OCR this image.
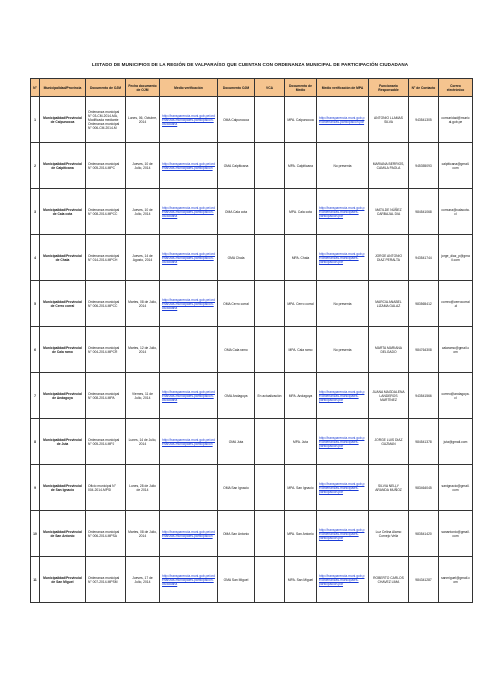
LISTADO DE MUNICIPIOS DE LA REGIÓN DE VALPARAÍSO QUE CUENTAN CON ORDENANZA MUNICIPAL DE PARTICIPACIÓN CIUDADANA
N°	Municipalidad/Provincia	Documento de OJM	Fecha documento de OJM	Medio verificación	Documento OJM	VCA	Documento de Medio	Medio verificación de MPA	Funcionario Responsable	N° de Contacto	Correo electrónico
1	Municipalidad/Provincial de Calpunocoa	Ordenanza municipal N° 03-CM-2014-MA, Modificada mediante Ordenanza municipal N° 006-CM-2014-M	Lunes, 06, Octubre, 2014	http://transparencia.muni.gob.pe/ordenanzas-municipales-participacion-ciudadana	OMA Calpunocoa		MPA. Calpunocoa	http://transparencia.muni.gob.pe/ordenanzas-participacion.pdf	ANTONIO LLAMAS SILVA	943541305	comunidad@munical.gob.pe
2	Municipalidad/Provincial de Calpiticana	Ordenanza municipal N° 005-2014-MPC	Jueves, 10 de Julio, 2014	http://transparencia.muni.gob.pe/ordenanzas-municipales-participacion	OMA Calpiticana		MPA. Calpiticana	No presenta	MARIANA BERRIOS, CAMILA PAOLA	945355093	calpiticana@gmail.com
3	Municipalidad/Provincial de Cala cota	Ordenanza municipal N° 008-2014-MPCC	Jueves, 10 de Julio, 2014	http://transparencia.muni.gob.pe/ordenanzas-municipales-participacion-ciudadana	OMA Cala cota		MPA. Cala cota	http://transparencia.muni.gob.pe/ordenanzas-municipales-participacion.pdf	MATILDE NÚÑEZ CARBAJAL DIA	984541068	comuna@calacota.cl
4	Municipalidad/Provincial de Chala	Ordenanza municipal N° 014-2014-MPCH	Jueves, 14 de Agosto, 2014	http://transparencia.muni.gob.pe/ordenanzas-municipales-participacion-ciudadana	OMA Chala		MPA. Chala	http://transparencia.muni.gob.pe/ordenanzas-municipales-participacion.pdf	JORGE ANTONIO DIAZ PERALTA	943541744	jorge_diaz_p@gmail.com
5	Municipalidad/Provincial de Cerro corral	Ordenanza municipal N° 006-2014-MPCC	Martes, 08 de Julio, 2014	http://transparencia.muni.gob.pe/ordenanzas-municipales-participacion-ciudadana	OMA Cerro corral		MPA. Cerro corral	No presenta	MARCIA ANABEL LIZAMA GALAZ	983565412	correo@cerrocorral.cl
6	Municipalidad/Provincial de Cala ramo	Ordenanza municipal N° 004-2014-MPCR	Martes, 12 de Julio, 2014		OMA Cala ramo		MPA. Cala ramo	No presenta	MARTA MARIANA DELGADO	984764308	calaramo@gmail.com
7	Municipalidad/Provincial de Andagoya	Ordenanza municipal N° 008-2014-MPA	Viernes, 11 de Julio, 2014	http://transparencia.muni.gob.pe/ordenanzas-municipales-participacion-ciudadana	OMA Andagoya	En actualización	MPA. Andagoya	http://transparencia.muni.gob.pe/ordenanzas-municipales-participacion.pdf	JUANA MAGDALENA LANDEROS MARTÍNEZ	943541566	correo@andagoya.cl
8	Municipalidad/Provincial de Juta	Ordenanza municipal N° 005-2014-MPJ	Lunes, 14 de Julio, 2014	http://transparencia.muni.gob.pe/ordenanzas-municipales-participacion	OMA Juta		MPA. Juta	http://transparencia.muni.gob.pe/ordenanzas-municipales-participacion.pdf	JORGE LUIS DIAZ GUZMAN	984541378	juta@gmail.com
9	Municipalidad/Provincial de San Ignacio	Oficio municipal N° 004-2014-MPSI	Lunes, 28 de Julio de 2014		OMA San Ignacio		MPA. San Ignacio	http://transparencia.muni.gob.pe/ordenanzas-municipales-participacion.pdf	SILVIA NELLY ARANDA MUÑOZ	983464045	sanignacio@gmail.com
10	Municipalidad/Provincial de San Antonio	Ordenanza municipal N° 006-2014-MPSA	Martes, 08 de Julio, 2014	http://transparencia.muni.gob.pe/ordenanzas-municipales-participacion	OMA San Antonio		MPA. San Antonio	http://transparencia.muni.gob.pe/ordenanzas-municipales-participacion.pdf	Luz Celina Alamo Cornejo Veliz	983541420	sanantonio@gmail.com
11	Municipalidad/Provincial de San Miguel	Ordenanza municipal N° 007-2014-MPSM	Jueves, 17 de Julio, 2014	http://transparencia.muni.gob.pe/ordenanzas-municipales-participacion-ciudadana	OMA San Miguel		MPA. San Miguel	http://transparencia.muni.gob.pe/ordenanzas-municipales-participacion.pdf	ROBERTO CARLOS CHAVEZ LIMA	984341287	sanmiguel@gmail.com
